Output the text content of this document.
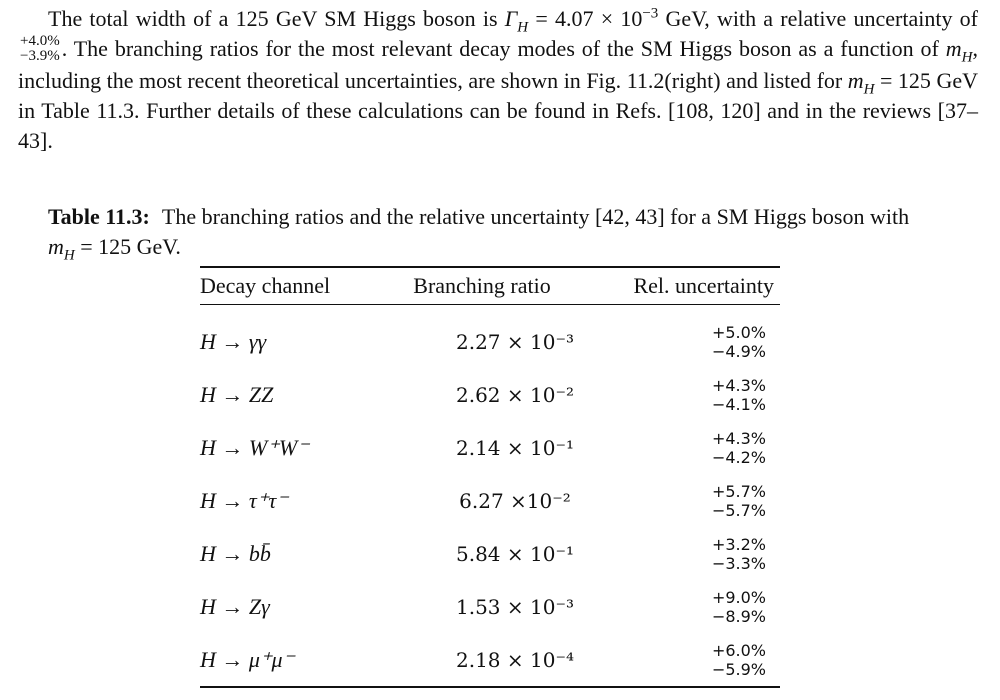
The total width of a 125 GeV SM Higgs boson is $\Gamma_H = 4.07 \times 10^{-3}$ GeV, with a relative uncertainty of
+4.0%
−3.9% . The branching ratios for the most relevant decay modes of the SM Higgs boson as a function of $m_H$, including the most recent theoretical uncertainties, are shown in Fig. 11.2(right) and listed for $m_H = 125$ GeV in Table 11.3. Further details of these calculations can be found in Refs. [108, 120] and in the reviews [37–43].
Table 11.3: The branching ratios and the relative uncertainty [42, 43] for a SM Higgs boson with $m_H = 125$ GeV.
Decay channel	Branching ratio	Rel. uncertainty
H → γγ	2.27 × 10⁻³	+5.0%
−4.9%
H → ZZ	2.62 × 10⁻²	+4.3%
−4.1%
H → W⁺W⁻	2.14 × 10⁻¹	+4.3%
−4.2%
H → τ⁺τ⁻	6.27 ×10⁻²	+5.7%
−5.7%
H → bb̄	5.84 × 10⁻¹	+3.2%
−3.3%
H → Zγ	1.53 × 10⁻³	+9.0%
−8.9%
H → μ⁺μ⁻	2.18 × 10⁻⁴	+6.0%
−5.9%
